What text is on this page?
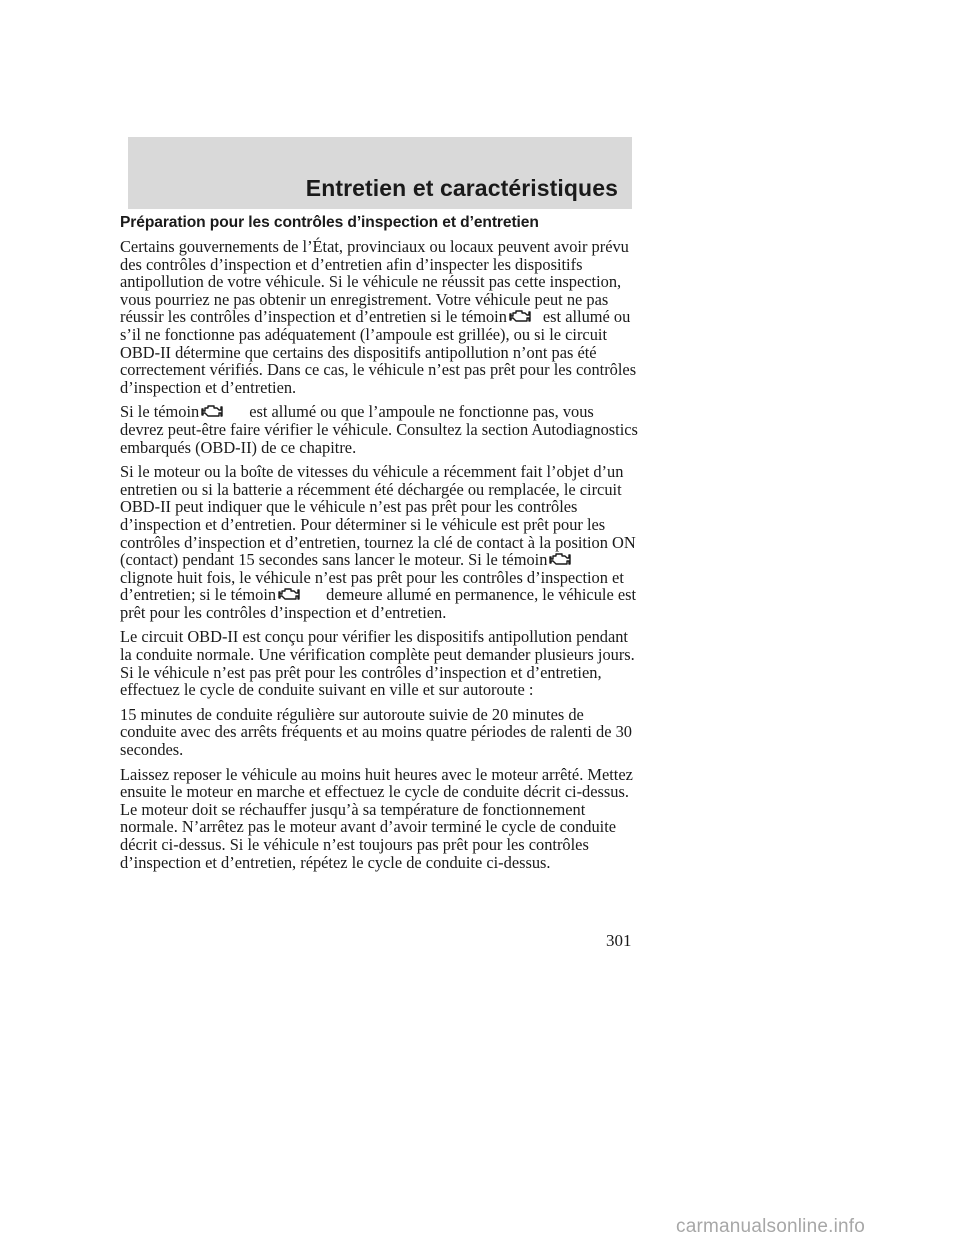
Entretien et caractéristiques
Préparation pour les contrôles d’inspection et d’entretien

Certains gouvernements de l’État, provinciaux ou locaux peuvent avoir prévu des contrôles d’inspection et d’entretien afin d’inspecter les dispositifs antipollution de votre véhicule. Si le véhicule ne réussit pas cette inspection, vous pourriez ne pas obtenir un enregistrement. Votre véhicule peut ne pas réussir les contrôles d’inspection et d’entretien si le témoin est allumé ou s’il ne fonctionne pas adéquatement (l’ampoule est grillée), ou si le circuit OBD-II détermine que certains des dispositifs antipollution n’ont pas été correctement vérifiés. Dans ce cas, le véhicule n’est pas prêt pour les contrôles d’inspection et d’entretien.

Si le témoin	est allumé ou que l’ampoule ne fonctionne pas, vous devrez peut-être faire vérifier le véhicule. Consultez la section Autodiagnostics embarqués (OBD-II) de ce chapitre.

Si le moteur ou la boîte de vitesses du véhicule a récemment fait l’objet d’un entretien ou si la batterie a récemment été déchargée ou remplacée, le circuit OBD-II peut indiquer que le véhicule n’est pas prêt pour les contrôles d’inspection et d’entretien. Pour déterminer si le véhicule est prêt pour les contrôles d’inspection et d’entretien, tournez la clé de contact à la position ON (contact) pendant 15 secondes sans lancer le moteur. Si le témoinclignote huit fois, le véhicule n’est pas prêt pour les contrôles d’inspection et d’entretien; si le témoin	demeure allumé en permanence, le véhicule est prêt pour les contrôles d’inspection et d’entretien.

Le circuit OBD-II est conçu pour vérifier les dispositifs antipollution pendant la conduite normale. Une vérification complète peut demander plusieurs jours. Si le véhicule n’est pas prêt pour les contrôles d’inspection et d’entretien, effectuez le cycle de conduite suivant en ville et sur autoroute :

15 minutes de conduite régulière sur autoroute suivie de 20 minutes de conduite avec des arrêts fréquents et au moins quatre périodes de ralenti de 30 secondes.

Laissez reposer le véhicule au moins huit heures avec le moteur arrêté. Mettez ensuite le moteur en marche et effectuez le cycle de conduite décrit ci-dessus. Le moteur doit se réchauffer jusqu’à sa température de fonctionnement normale. N’arrêtez pas le moteur avant d’avoir terminé le cycle de conduite décrit ci-dessus. Si le véhicule n’est toujours pas prêt pour les contrôles d’inspection et d’entretien, répétez le cycle de conduite ci-dessus.

301
carmanualsonline.info
